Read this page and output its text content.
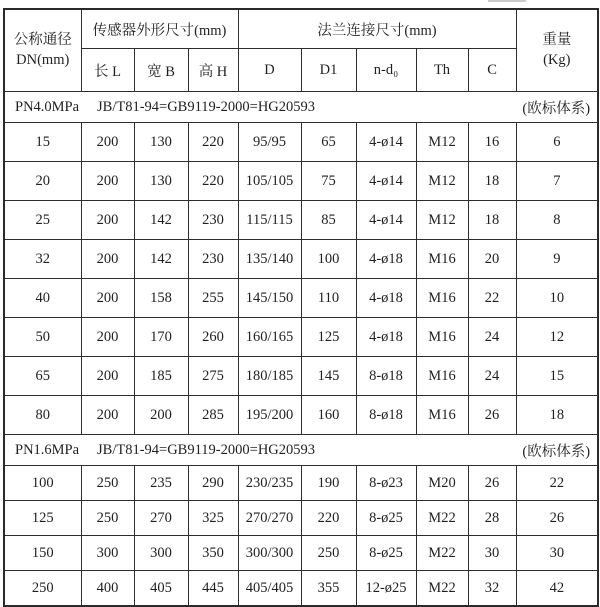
公称通径
DN(mm)
	传感器外形尺寸(mm)	法兰连接尺寸(mm)	
重量
(Kg)

	长 L	宽 B	高 H	D	D1	n-d₀	Th	C	

PN4.0MPa JB/T81-94=GB9119-2000=HG20593 (欧标体系)									

15	200	130	220	95/95	65	4-ø14	M12	16	6
20	200	130	220	105/105	75	4-ø14	M12	18	7
25	200	142	230	115/115	85	4-ø14	M12	18	8
32	200	142	230	135/140	100	4-ø18	M16	20	9
40	200	158	255	145/150	110	4-ø18	M16	22	10
50	200	170	260	160/165	125	4-ø18	M16	24	12
65	200	185	275	180/185	145	8-ø18	M16	24	15
80	200	200	285	195/200	160	8-ø18	M16	26	18

PN1.6MPa JB/T81-94=GB9119-2000=HG20593 (欧标体系)									

100	250	235	290	230/235	190	8-ø23	M20	26	22
125	250	270	325	270/270	220	8-ø25	M22	28	26
150	300	300	350	300/300	250	8-ø25	M22	30	30
250	400	405	445	405/405	355	12-ø25	M22	32	42
